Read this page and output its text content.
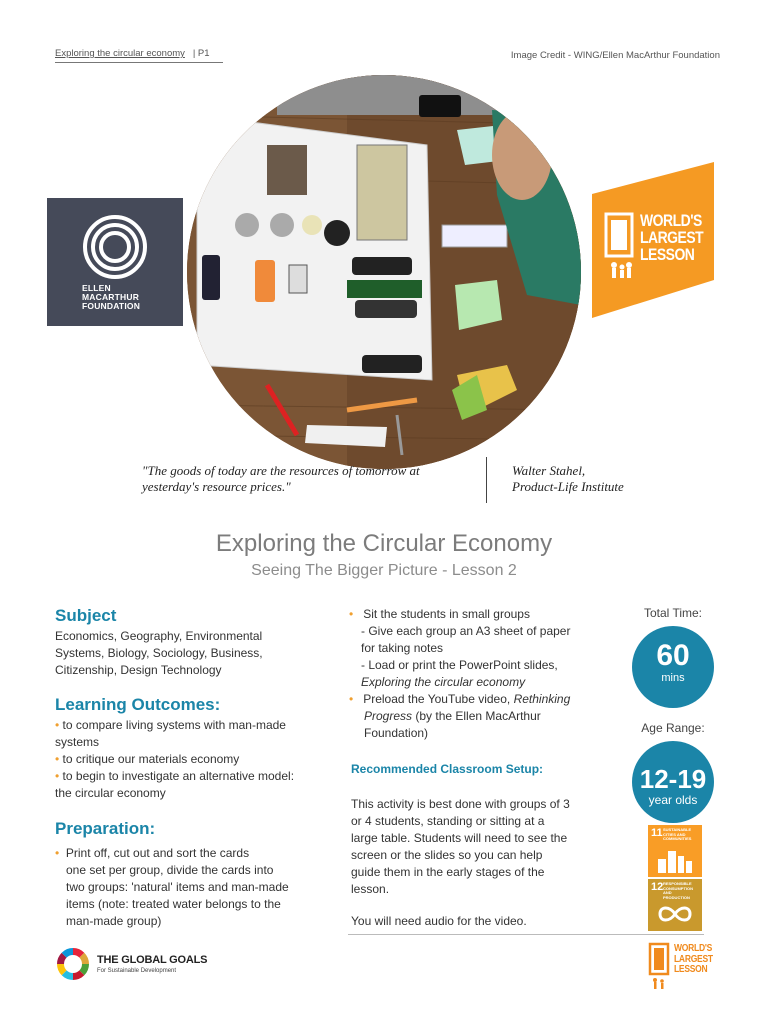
Exploring the circular economy | P1	Image Credit - WING/Ellen MacArthur Foundation
ELLEN
MACARTHUR
FOUNDATION
WORLD'S
LARGEST
LESSON
"The goods of today are the resources of tomorrow at
yesterday's resource prices."
Walter Stahel,
Product-Life Institute
Exploring the Circular Economy
Seeing The Bigger Picture - Lesson 2
Subject
Economics, Geography, Environmental
Systems, Biology, Sociology, Business,
Citizenship, Design Technology
Learning Outcomes:
• to compare living systems with man-made
systems
• to critique our materials economy
• to begin to investigate an alternative model:
the circular economy
Preparation:
• Print off, cut out and sort the cards
one set per group, divide the cards into
two groups: 'natural' items and man-made
items (note: treated water belongs to the
man-made group)
• Sit the students in small groups
- Give each group an A3 sheet of paper
for taking notes
- Load or print the PowerPoint slides,
Exploring the circular economy
• Preload the YouTube video, Rethinking
Progress (by the Ellen MacArthur
Foundation)
Recommended Classroom Setup:
This activity is best done with groups of 3
or 4 students, standing or sitting at a
large table. Students will need to see the
screen or the slides so you can help
guide them in the early stages of the
lesson.
You will need audio for the video.
Total Time:
60
mins
Age Range:
12-19
year olds
11 SUSTAINABLE CITIES AND COMMUNITIES
12 RESPONSIBLE CONSUMPTION AND PRODUCTION
THE GLOBAL GOALS
For Sustainable Development
WORLD'S
LARGEST
LESSON
